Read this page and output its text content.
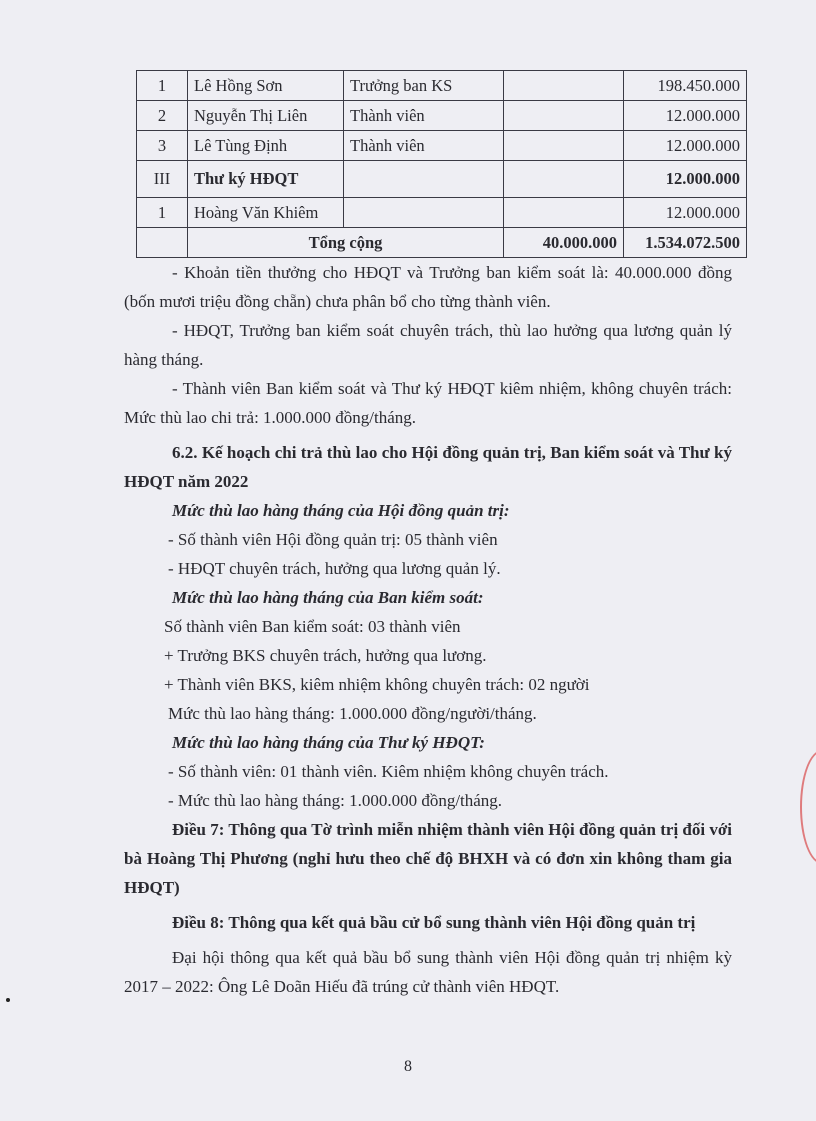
1	Lê Hồng Sơn	Trưởng ban KS		198.450.000
2	Nguyễn Thị Liên	Thành viên		12.000.000
3	Lê Tùng Định	Thành viên		12.000.000
III	Thư ký HĐQT			12.000.000
1	Hoàng Văn Khiêm			12.000.000
	Tổng cộng		40.000.000	1.534.072.500

- Khoản tiền thưởng cho HĐQT và Trưởng ban kiểm soát là: 40.000.000 đồng (bốn mươi triệu đồng chẵn) chưa phân bổ cho từng thành viên.

- HĐQT, Trưởng ban kiểm soát chuyên trách, thù lao hưởng qua lương quản lý hàng tháng.

- Thành viên Ban kiểm soát và Thư ký HĐQT kiêm nhiệm, không chuyên trách: Mức thù lao chi trả: 1.000.000 đồng/tháng.

6.2. Kế hoạch chi trả thù lao cho Hội đồng quản trị, Ban kiểm soát và Thư ký HĐQT năm 2022

Mức thù lao hàng tháng của Hội đồng quản trị:

- Số thành viên Hội đồng quản trị: 05 thành viên

- HĐQT chuyên trách, hưởng qua lương quản lý.

Mức thù lao hàng tháng của Ban kiểm soát:

Số thành viên Ban kiểm soát: 03 thành viên

+ Trưởng BKS chuyên trách, hưởng qua lương.

+ Thành viên BKS, kiêm nhiệm không chuyên trách: 02 người

Mức thù lao hàng tháng: 1.000.000 đồng/người/tháng.

Mức thù lao hàng tháng của Thư ký HĐQT:

- Số thành viên: 01 thành viên. Kiêm nhiệm không chuyên trách.

- Mức thù lao hàng tháng: 1.000.000 đồng/tháng.

Điều 7: Thông qua Tờ trình miễn nhiệm thành viên Hội đồng quản trị đối với bà Hoàng Thị Phương (nghỉ hưu theo chế độ BHXH và có đơn xin không tham gia HĐQT)

Điều 8: Thông qua kết quả bầu cử bổ sung thành viên Hội đồng quản trị

Đại hội thông qua kết quả bầu bổ sung thành viên Hội đồng quản trị nhiệm kỳ 2017 – 2022: Ông Lê Doãn Hiếu đã trúng cử thành viên HĐQT.

8
